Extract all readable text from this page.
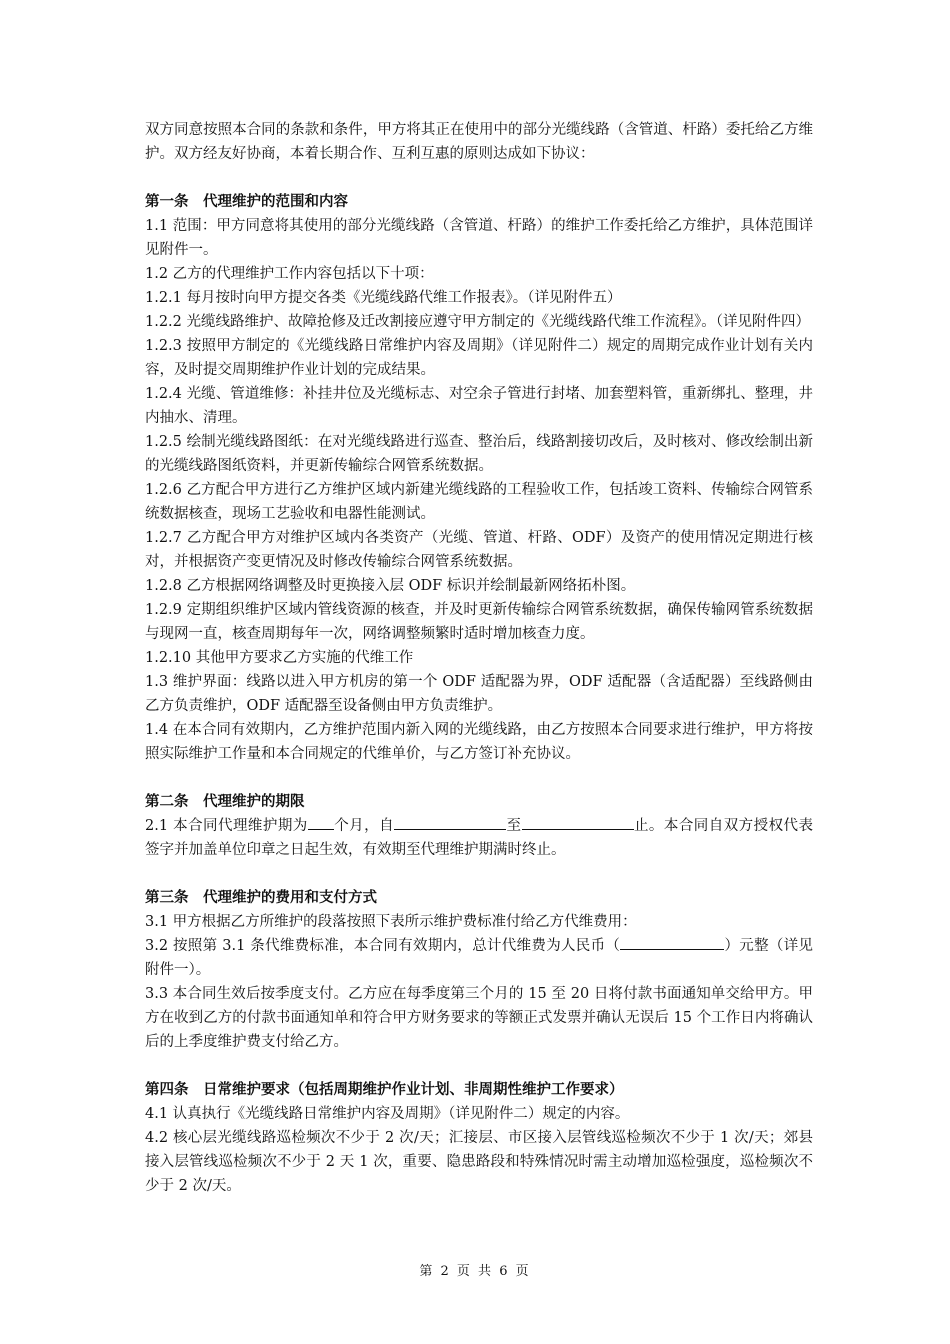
双方同意按照本合同的条款和条件，甲方将其正在使用中的部分光缆线路（含管道、杆路）委托给乙方维护。双方经友好协商，本着长期合作、互利互惠的原则达成如下协议：

第一条　代理维护的范围和内容

1.1 范围：甲方同意将其使用的部分光缆线路（含管道、杆路）的维护工作委托给乙方维护，具体范围详见附件一。

1.2 乙方的代理维护工作内容包括以下十项：

1.2.1 每月按时向甲方提交各类《光缆线路代维工作报表》。（详见附件五）

1.2.2 光缆线路维护、故障抢修及迁改割接应遵守甲方制定的《光缆线路代维工作流程》。（详见附件四）

1.2.3 按照甲方制定的《光缆线路日常维护内容及周期》（详见附件二）规定的周期完成作业计划有关内容，及时提交周期维护作业计划的完成结果。

1.2.4 光缆、管道维修：补挂井位及光缆标志、对空余子管进行封堵、加套塑料管，重新绑扎、整理，井内抽水、清理。

1.2.5 绘制光缆线路图纸：在对光缆线路进行巡查、整治后，线路割接切改后，及时核对、修改绘制出新的光缆线路图纸资料，并更新传输综合网管系统数据。

1.2.6 乙方配合甲方进行乙方维护区域内新建光缆线路的工程验收工作，包括竣工资料、传输综合网管系统数据核查，现场工艺验收和电器性能测试。

1.2.7 乙方配合甲方对维护区域内各类资产（光缆、管道、杆路、ODF）及资产的使用情况定期进行核对，并根据资产变更情况及时修改传输综合网管系统数据。

1.2.8 乙方根据网络调整及时更换接入层 ODF 标识并绘制最新网络拓朴图。

1.2.9 定期组织维护区域内管线资源的核查，并及时更新传输综合网管系统数据，确保传输网管系统数据与现网一直，核查周期每年一次，网络调整频繁时适时增加核查力度。

1.2.10 其他甲方要求乙方实施的代维工作

1.3 维护界面：线路以进入甲方机房的第一个 ODF 适配器为界，ODF 适配器（含适配器）至线路侧由乙方负责维护，ODF 适配器至设备侧由甲方负责维护。

1.4 在本合同有效期内，乙方维护范围内新入网的光缆线路，由乙方按照本合同要求进行维护，甲方将按照实际维护工作量和本合同规定的代维单价，与乙方签订补充协议。

第二条　代理维护的期限

2.1 本合同代理维护期为 个月，自	至	止。本合同自双方授权代表签字并加盖单位印章之日起生效，有效期至代理维护期满时终止。

第三条　代理维护的费用和支付方式

3.1 甲方根据乙方所维护的段落按照下表所示维护费标准付给乙方代维费用：

3.2 按照第 3.1 条代维费标准，本合同有效期内，总计代维费为人民币（	）元整（详见附件一）。

3.3 本合同生效后按季度支付。乙方应在每季度第三个月的 15 至 20 日将付款书面通知单交给甲方。甲方在收到乙方的付款书面通知单和符合甲方财务要求的等额正式发票并确认无误后 15 个工作日内将确认后的上季度维护费支付给乙方。

第四条　日常维护要求（包括周期维护作业计划、非周期性维护工作要求）

4.1 认真执行《光缆线路日常维护内容及周期》（详见附件二）规定的内容。

4.2 核心层光缆线路巡检频次不少于 2 次/天；汇接层、市区接入层管线巡检频次不少于 1 次/天；郊县接入层管线巡检频次不少于 2 天 1 次，重要、隐患路段和特殊情况时需主动增加巡检强度，巡检频次不少于 2 次/天。

第 2 页 共 6 页
